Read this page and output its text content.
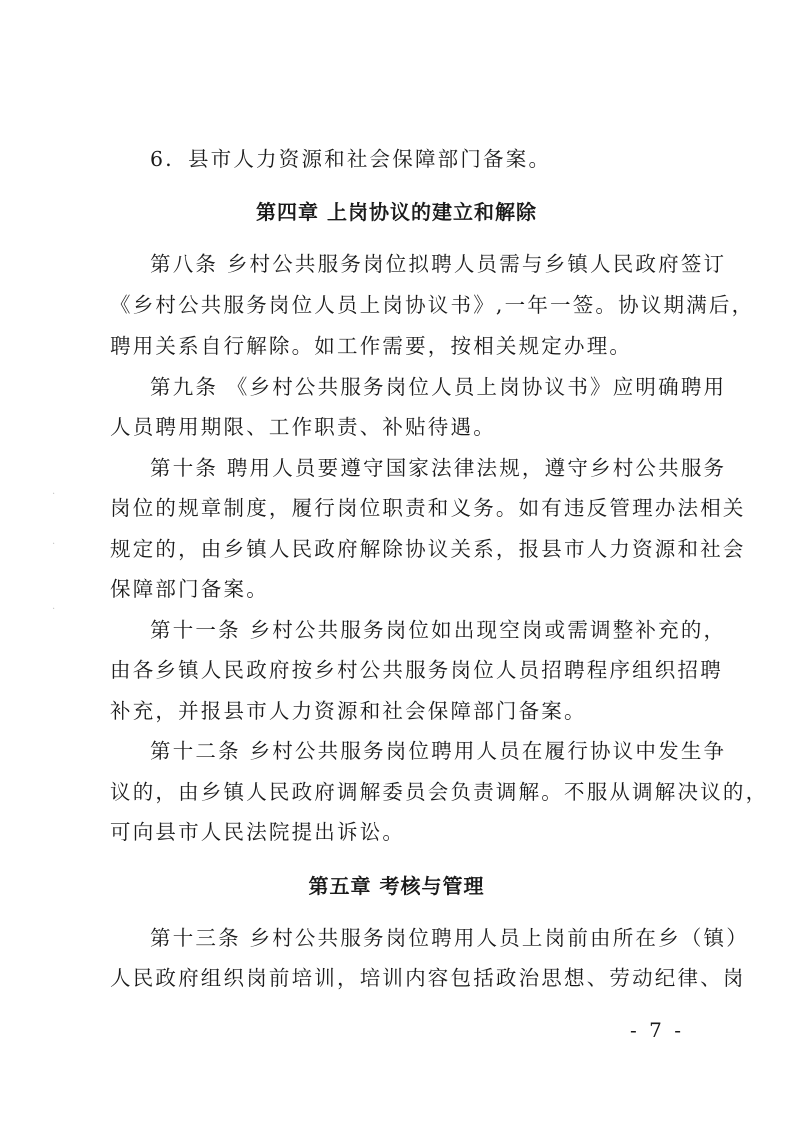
6．县市人力资源和社会保障部门备案。
第四章 上岗协议的建立和解除
第八条 乡村公共服务岗位拟聘人员需与乡镇人民政府签订
《乡村公共服务岗位人员上岗协议书》,一年一签。协议期满后，
聘用关系自行解除。如工作需要，按相关规定办理。
第九条 《乡村公共服务岗位人员上岗协议书》应明确聘用
人员聘用期限、工作职责、补贴待遇。
第十条 聘用人员要遵守国家法律法规，遵守乡村公共服务
岗位的规章制度，履行岗位职责和义务。如有违反管理办法相关
规定的，由乡镇人民政府解除协议关系，报县市人力资源和社会
保障部门备案。
第十一条 乡村公共服务岗位如出现空岗或需调整补充的，
由各乡镇人民政府按乡村公共服务岗位人员招聘程序组织招聘
补充，并报县市人力资源和社会保障部门备案。
第十二条 乡村公共服务岗位聘用人员在履行协议中发生争
议的，由乡镇人民政府调解委员会负责调解。不服从调解决议的，
可向县市人民法院提出诉讼。
第五章 考核与管理
第十三条 乡村公共服务岗位聘用人员上岗前由所在乡（镇）
人民政府组织岗前培训，培训内容包括政治思想、劳动纪律、岗
- 7 -
·
·
·
